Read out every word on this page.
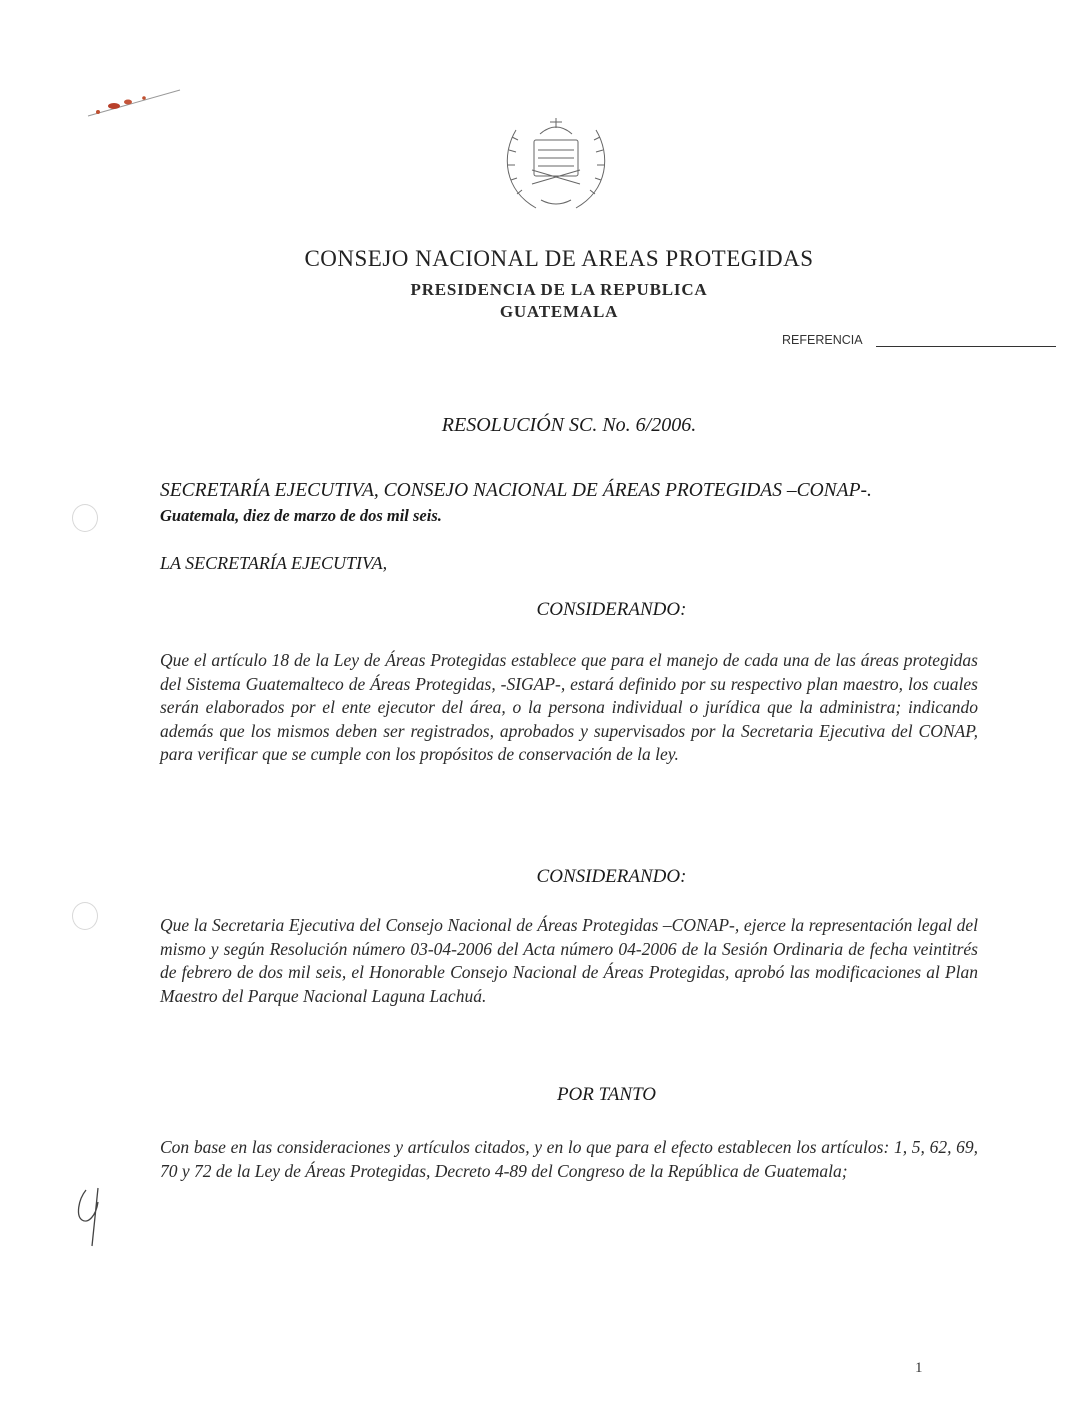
CONSEJO NACIONAL DE AREAS PROTEGIDAS
PRESIDENCIA DE LA REPUBLICA
GUATEMALA
REFERENCIA
RESOLUCIÓN SC. No. 6/2006.
SECRETARÍA EJECUTIVA, CONSEJO NACIONAL DE ÁREAS PROTEGIDAS –CONAP-.
Guatemala, diez de marzo de dos mil seis.
LA SECRETARÍA EJECUTIVA,
CONSIDERANDO:
Que el artículo 18 de la Ley de Áreas Protegidas establece que para el manejo de cada una de las áreas protegidas del Sistema Guatemalteco de Áreas Protegidas, -SIGAP-, estará definido por su respectivo plan maestro, los cuales serán elaborados por el ente ejecutor del área, o la persona individual o jurídica que la administra; indicando además que los mismos deben ser registrados, aprobados y supervisados por la Secretaria Ejecutiva del CONAP, para verificar que se cumple con los propósitos de conservación de la ley.
CONSIDERANDO:
Que la Secretaria Ejecutiva del Consejo Nacional de Áreas Protegidas –CONAP-, ejerce la representación legal del mismo y según Resolución número 03-04-2006 del Acta número 04-2006 de la Sesión Ordinaria de fecha veintitrés de febrero de dos mil seis, el Honorable Consejo Nacional de Áreas Protegidas, aprobó las modificaciones al Plan Maestro del Parque Nacional Laguna Lachuá.
POR TANTO
Con base en las consideraciones y artículos citados, y en lo que para el efecto establecen los artículos: 1, 5, 62, 69, 70 y 72 de la Ley de Áreas Protegidas, Decreto 4-89 del Congreso de la República de Guatemala;
1
